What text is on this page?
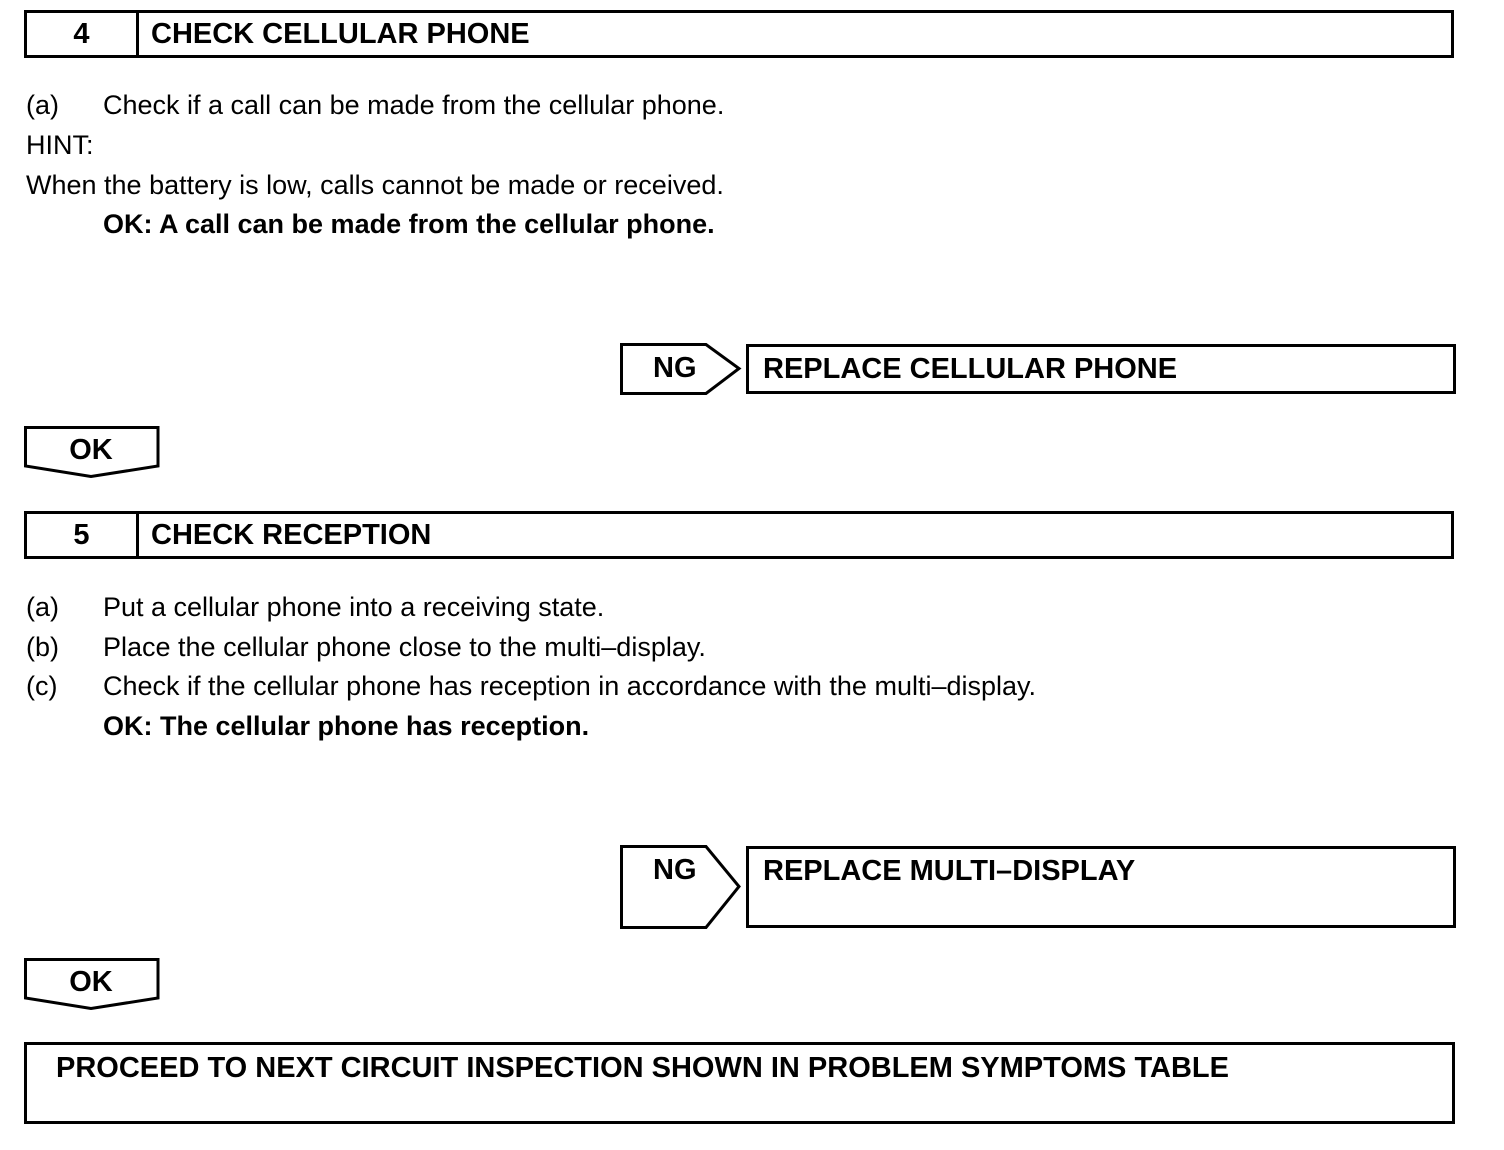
4	CHECK CELLULAR PHONE
(a) Check if a call can be made from the cellular phone.
HINT:
When the battery is low, calls cannot be made or received.
OK: A call can be made from the cellular phone.
NG	REPLACE CELLULAR PHONE
OK
5	CHECK RECEPTION
(a) Put a cellular phone into a receiving state.
(b) Place the cellular phone close to the multi–display.
(c) Check if the cellular phone has reception in accordance with the multi–display.
OK: The cellular phone has reception.
NG	REPLACE MULTI–DISPLAY
OK
PROCEED TO NEXT CIRCUIT INSPECTION SHOWN IN PROBLEM SYMPTOMS TABLE
